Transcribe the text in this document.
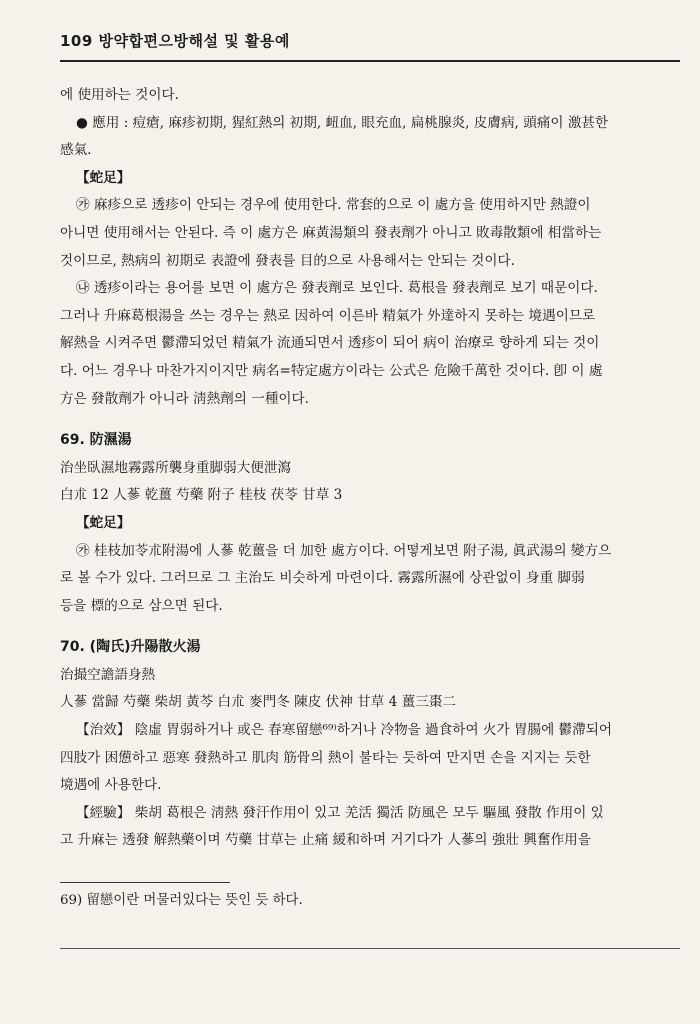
109 방약합편으방해설 및 활용예
에 使用하는 것이다.
● 應用 : 痘瘡, 麻疹初期, 猩紅熱의 初期, 衄血, 眼充血, 扁桃腺炎, 皮膚病, 頭痛이 激甚한
感氣.
【蛇足】
㉮ 麻疹으로 透疹이 안되는 경우에 使用한다. 常套的으로 이 處方을 使用하지만 熱證이
아니면 使用해서는 안된다. 즉 이 處方은 麻黃湯類의 發表劑가 아니고 敗毒散類에 相當하는
것이므로, 熱病의 初期로 表證에 發表를 目的으로 사용해서는 안되는 것이다.
㉯ 透疹이라는 용어를 보면 이 處方은 發表劑로 보인다. 葛根을 發表劑로 보기 때문이다.
그러나 升麻葛根湯을 쓰는 경우는 熱로 因하여 이른바 精氣가 外達하지 못하는 境遇이므로
解熱을 시켜주면 鬱滯되었던 精氣가 流通되면서 透疹이 되어 病이 治療로 향하게 되는 것이
다. 어느 경우나 마찬가지이지만 病名=特定處方이라는 公式은 危險千萬한 것이다. 卽 이 處
方은 發散劑가 아니라 淸熱劑의 一種이다.
69. 防濕湯
治坐臥濕地霧露所襲身重脚弱大便泄瀉
白朮 12 人蔘 乾薑 芍藥 附子 桂枝 茯苓 甘草 3
【蛇足】
㉮ 桂枝加苓朮附湯에 人蔘 乾薑을 더 加한 處方이다. 어떻게보면 附子湯, 眞武湯의 變方으
로 볼 수가 있다. 그러므로 그 主治도 비슷하게 마련이다. 霧露所濕에 상관없이 身重 脚弱
등을 標的으로 삼으면 된다.
70. (陶氏)升陽散火湯
治撮空譫語身熱
人蔘 當歸 芍藥 柴胡 黃芩 白朮 麥門冬 陳皮 伏神 甘草 4 薑三棗二
【治效】 陰虛 胃弱하거나 或은 春寒留戀⁶⁹⁾하거나 冷物을 過食하여 火가 胃腸에 鬱滯되어
四肢가 困憊하고 惡寒 發熱하고 肌肉 筋骨의 熱이 불타는 듯하여 만지면 손을 지지는 듯한
境遇에 사용한다.
【經驗】 柴胡 葛根은 淸熱 發汗作用이 있고 羌活 獨活 防風은 모두 驅風 發散 作用이 있
고 升麻는 透發 解熱藥이며 芍藥 甘草는 止痛 緩和하며 거기다가 人蔘의 強壯 興奮作用을
69) 留戀이란 머물러있다는 뜻인 듯 하다.
